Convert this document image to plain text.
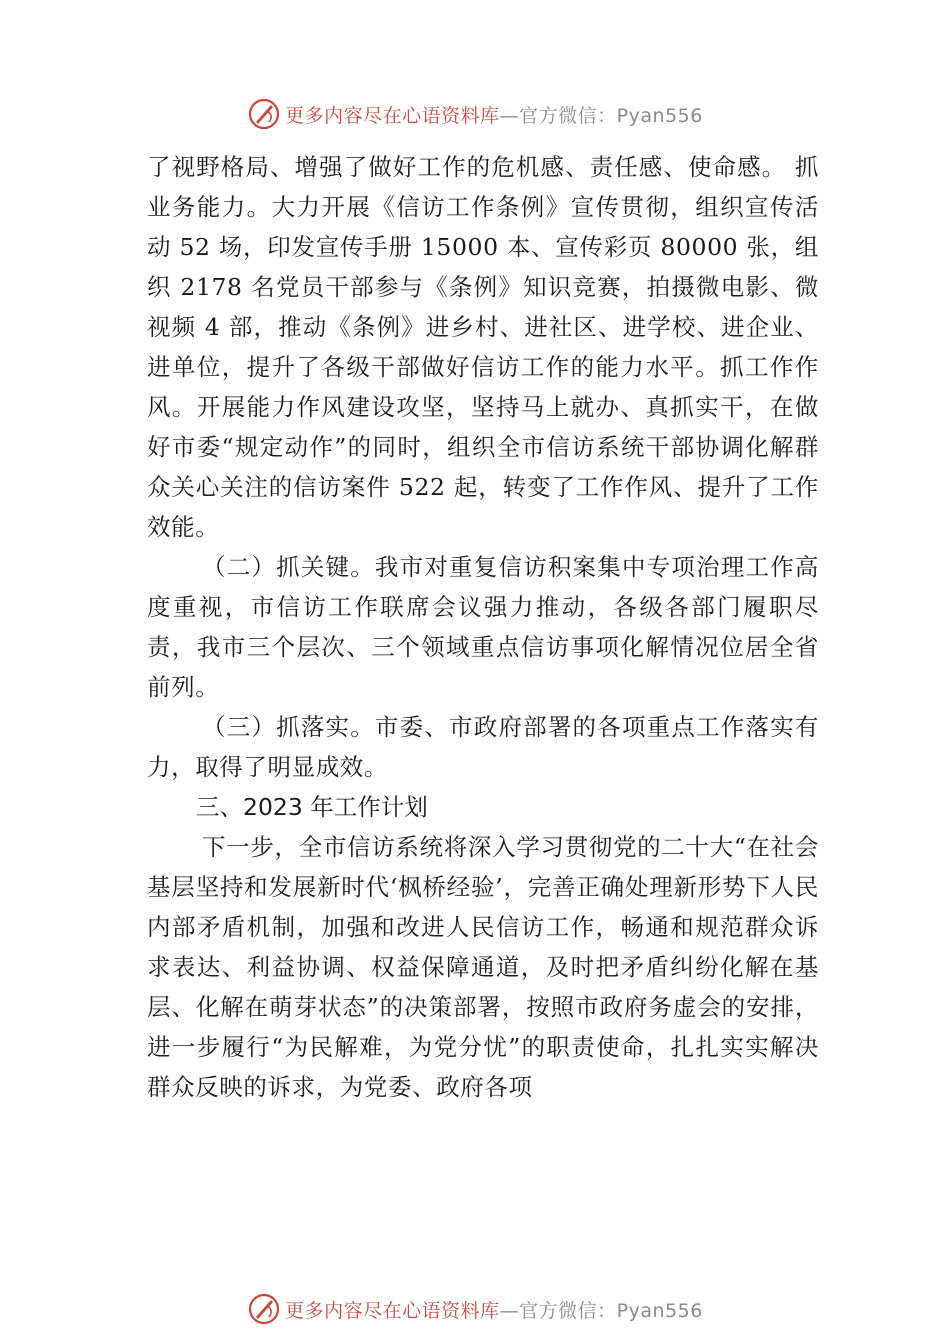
更多内容尽在心语资料库—官方微信：Pyan556

了视野格局、增强了做好工作的危机感、责任感、使命感。 抓业务能力。大力开展《信访工作条例》宣传贯彻，组织宣传活动 52 场，印发宣传手册 15000 本、宣传彩页 80000 张，组织 2178 名党员干部参与《条例》知识竞赛，拍摄微电影、微视频 4 部，推动《条例》进乡村、进社区、进学校、进企业、进单位，提升了各级干部做好信访工作的能力水平。抓工作作风。开展能力作风建设攻坚，坚持马上就办、真抓实干，在做好市委“规定动作”的同时，组织全市信访系统干部协调化解群众关心关注的信访案件 522 起，转变了工作作风、提升了工作效能。

（二）抓关键。我市对重复信访积案集中专项治理工作高度重视，市信访工作联席会议强力推动，各级各部门履职尽责，我市三个层次、三个领域重点信访事项化解情况位居全省前列。

（三）抓落实。市委、市政府部署的各项重点工作落实有力，取得了明显成效。

三、2023 年工作计划

下一步，全市信访系统将深入学习贯彻党的二十大“在社会基层坚持和发展新时代‘枫桥经验’，完善正确处理新形势下人民内部矛盾机制，加强和改进人民信访工作，畅通和规范群众诉求表达、利益协调、权益保障通道，及时把矛盾纠纷化解在基层、化解在萌芽状态”的决策部署，按照市政府务虚会的安排，进一步履行“为民解难，为党分忧”的职责使命，扎扎实实解决群众反映的诉求，为党委、政府各项

更多内容尽在心语资料库—官方微信：Pyan556
